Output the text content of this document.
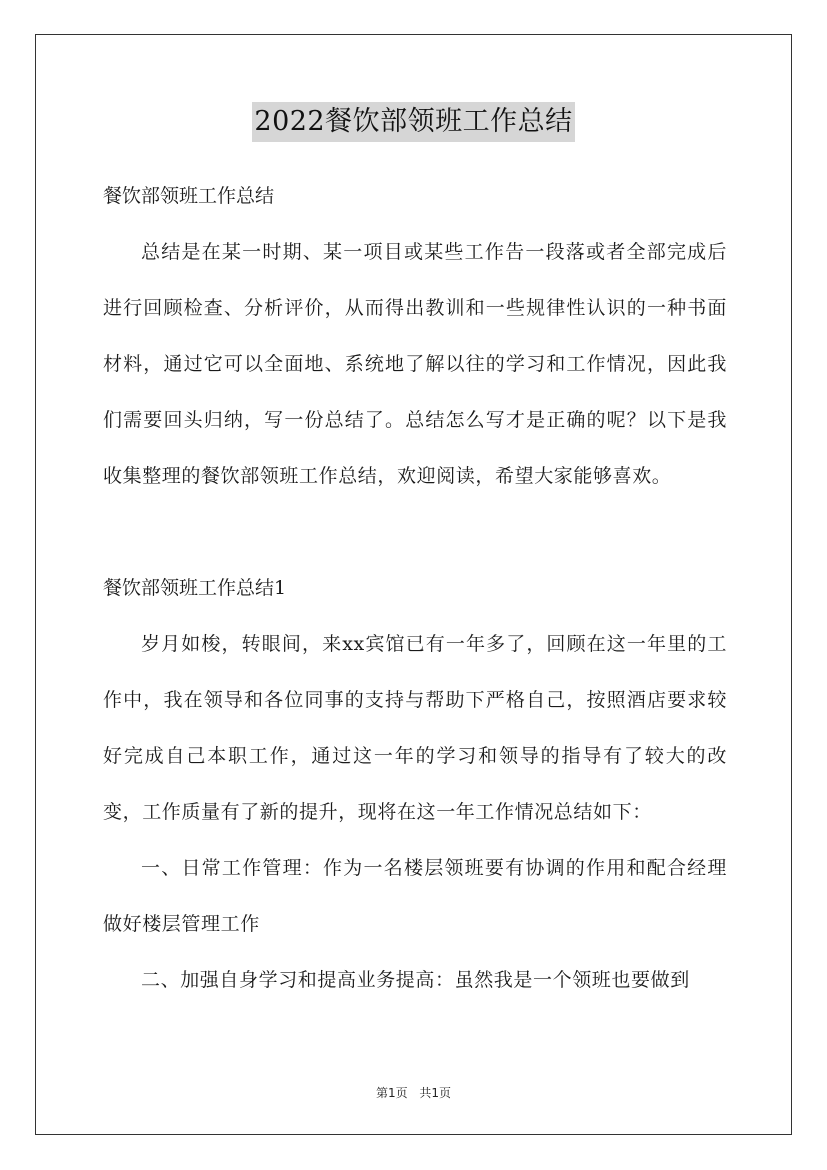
2022餐饮部领班工作总结

餐饮部领班工作总结

总结是在某一时期、某一项目或某些工作告一段落或者全部完成后进行回顾检查、分析评价，从而得出教训和一些规律性认识的一种书面材料，通过它可以全面地、系统地了解以往的学习和工作情况，因此我们需要回头归纳，写一份总结了。总结怎么写才是正确的呢？以下是我收集整理的餐饮部领班工作总结，欢迎阅读，希望大家能够喜欢。

餐饮部领班工作总结1

岁月如梭，转眼间，来xx宾馆已有一年多了，回顾在这一年里的工作中，我在领导和各位同事的支持与帮助下严格自己，按照酒店要求较好完成自己本职工作，通过这一年的学习和领导的指导有了较大的改变，工作质量有了新的提升，现将在这一年工作情况总结如下：

一、日常工作管理：作为一名楼层领班要有协调的作用和配合经理做好楼层管理工作

二、加强自身学习和提高业务提高：虽然我是一个领班也要做到

第1页 共1页
